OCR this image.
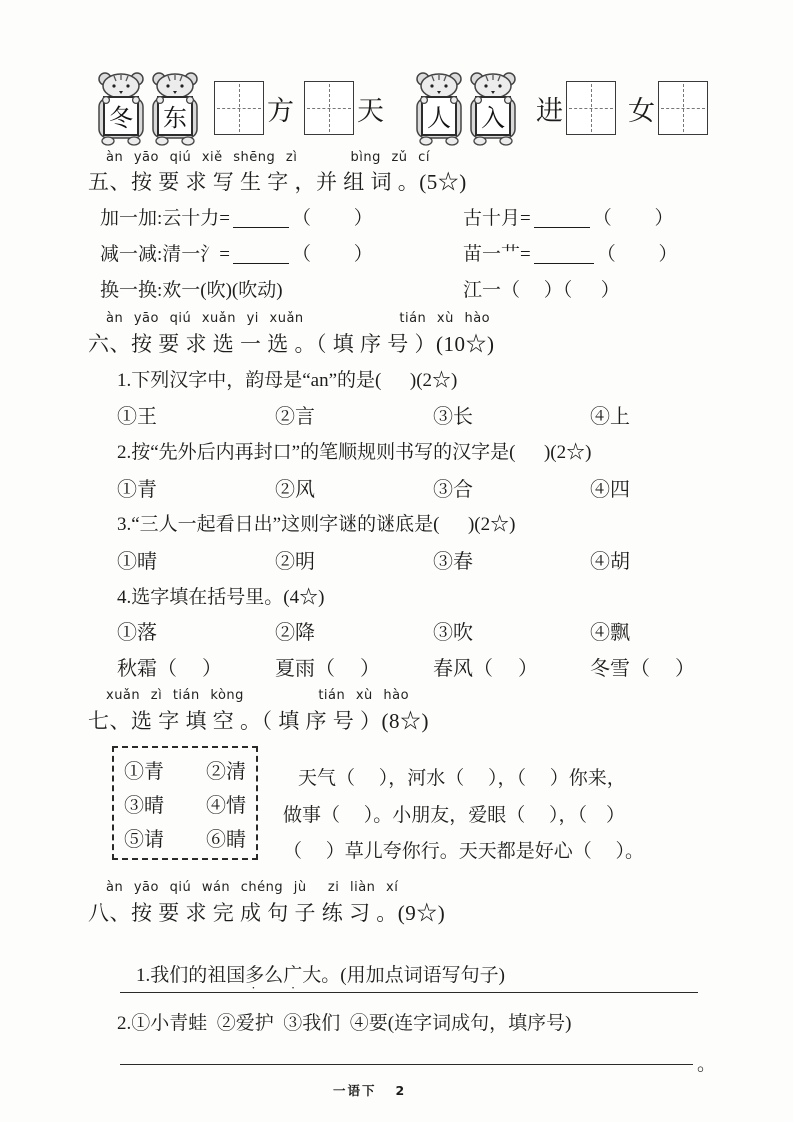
冬 东	方 天 人 入 进 女
àn yāo qiú xiě shēng zì     bìng zǔ cí
五、按 要 求 写 生 字 ，并 组 词 。(5☆)
加一加:云十力=	（         ）	古十月=	（         ）
减一减:清一氵=	（         ）	苗一艹=	（         ）
换一换:欢一(吹)(吹动)	江一（     ）（      ）
àn yāo qiú xuǎn yi xuǎn         tián xù hào
六、按 要 求 选 一 选 。（ 填 序 号 ）(10☆)
1.下列汉字中，韵母是“an”的是(      )(2☆)
①王	②言	③长	④上
2.按“先外后内再封口”的笔顺规则书写的汉字是(      )(2☆)
①青	②风	③合	④四
3.“三人一起看日出”这则字谜的谜底是(      )(2☆)
①晴	②明	③春	④胡
4.选字填在括号里。(4☆)
①落	②降	③吹	④飘
秋霜（     ）	夏雨（     ）	春风（     ）	冬雪（     ）
xuǎn zì tián kòng       tián xù hào
七、选 字 填 空 。（ 填 序 号 ）(8☆)
①青 ②清
③晴 ④情
⑤请 ⑥睛
天气（     ），河水（     ），（     ）你来，
做事（     ）。小朋友，爱眼（     ），（    ）
（     ）草儿夸你行。天天都是好心（     ）。
àn yāo qiú wán chéng jù  zi liàn xí
八、按 要 求 完 成 句 子 练 习 。(9☆)

1.我们的祖国多么
· ·
广大。(用加点词语写句子)

2.①小青蛙  ②爱护  ③我们  ④要(连字词成句，填序号)
。
一语下   2
